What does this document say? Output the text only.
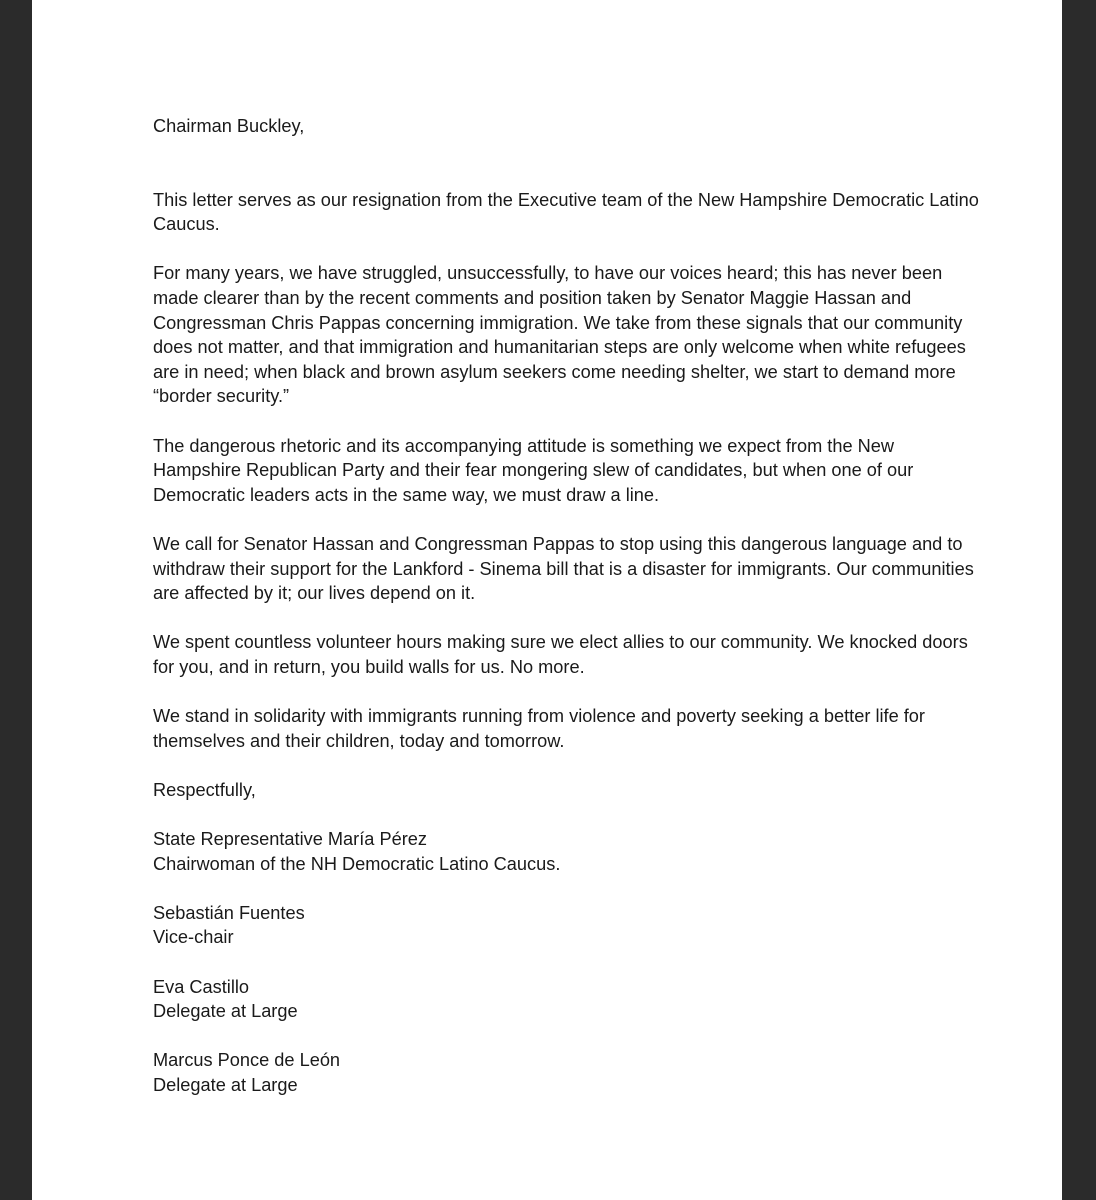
Chairman Buckley,

This letter serves as our resignation from the Executive team of the New Hampshire Democratic Latino Caucus.

For many years, we have struggled, unsuccessfully, to have our voices heard; this has never been made clearer than by the recent comments and position taken by Senator Maggie Hassan and Congressman Chris Pappas concerning immigration. We take from these signals that our community does not matter, and that immigration and humanitarian steps are only welcome when white refugees are in need; when black and brown asylum seekers come needing shelter, we start to demand more “border security.”

The dangerous rhetoric and its accompanying attitude is something we expect from the New Hampshire Republican Party and their fear mongering slew of candidates, but when one of our Democratic leaders acts in the same way, we must draw a line.

We call for Senator Hassan and Congressman Pappas to stop using this dangerous language and to withdraw their support for the Lankford - Sinema bill that is a disaster for immigrants. Our communities are affected by it; our lives depend on it.

We spent countless volunteer hours making sure we elect allies to our community. We knocked doors for you, and in return, you build walls for us. No more.

We stand in solidarity with immigrants running from violence and poverty seeking a better life for themselves and their children, today and tomorrow.

Respectfully,

State Representative María Pérez
Chairwoman of the NH Democratic Latino Caucus.
Sebastián Fuentes
Vice-chair
Eva Castillo
Delegate at Large
Marcus Ponce de León
Delegate at Large
